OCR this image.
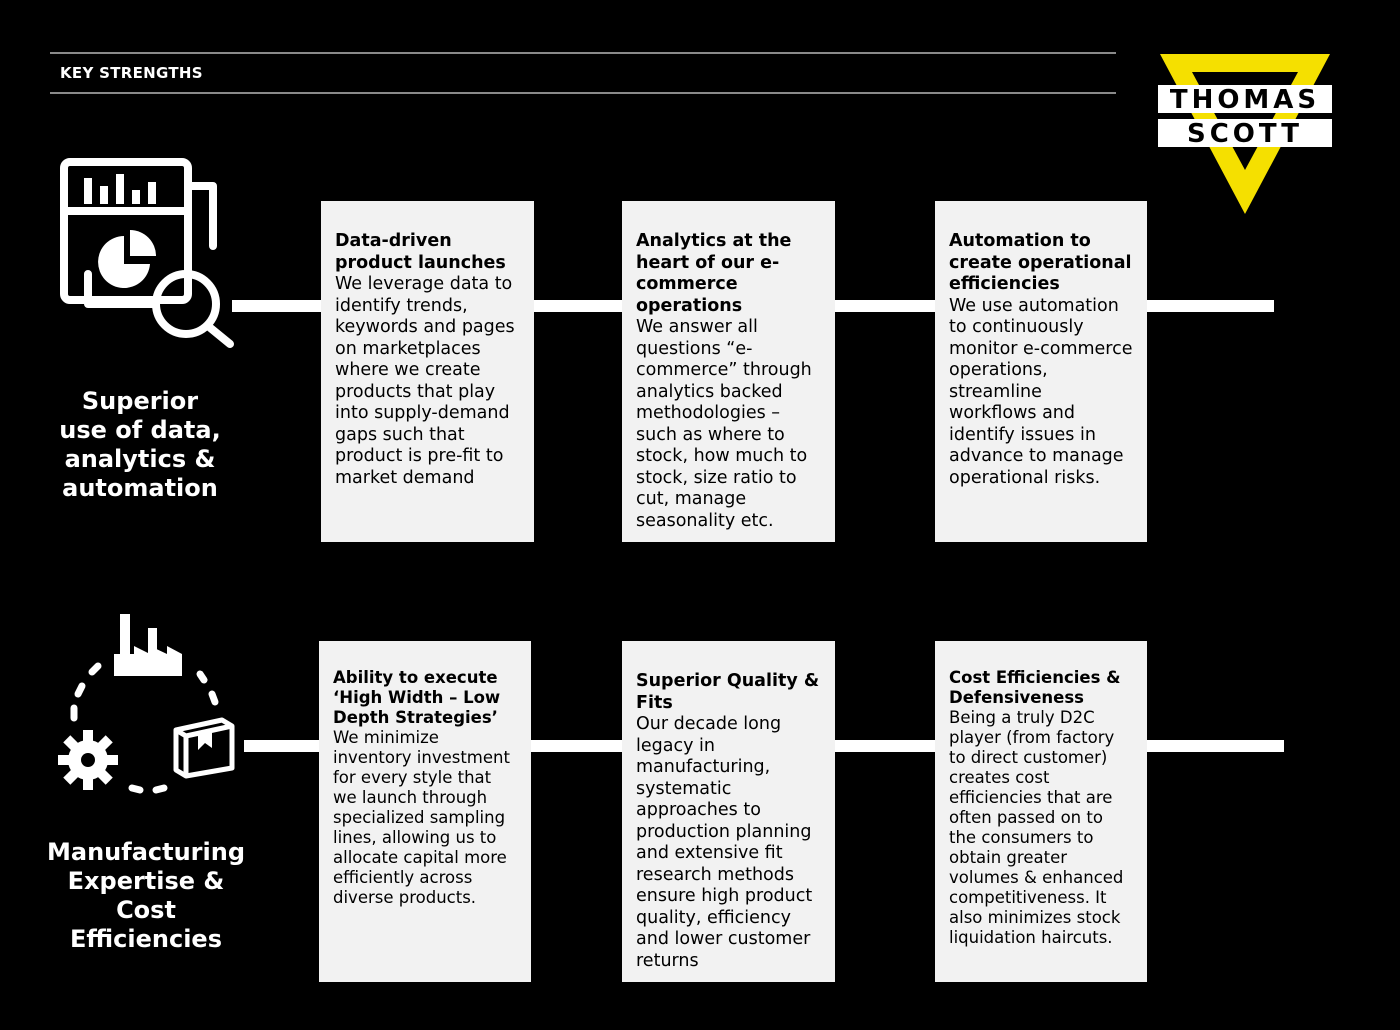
KEY STRENGTHS
THOMAS
SCOTT
Superior
use of data,
analytics &
automation
Data-driven product launches
We leverage data to identify trends, keywords and pages on marketplaces where we create products that play into supply-demand gaps such that product is pre-fit to market demand
Analytics at the heart of our e-commerce operations
We answer all questions “e-commerce” through analytics backed methodologies – such as where to stock, how much to stock, size ratio to cut, manage seasonality etc.
Automation to create operational efficiencies
We use automation to continuously monitor e-commerce operations, streamline workflows and identify issues in advance to manage operational risks.
Manufacturing
Expertise &
Cost
Efficiencies
Ability to execute ‘High Width – Low Depth Strategies’
We minimize inventory investment for every style that we launch through specialized sampling lines, allowing us to allocate capital more efficiently across diverse products.
Superior Quality & Fits
Our decade long legacy in manufacturing, systematic approaches to production planning and extensive fit research methods ensure high product quality, efficiency and lower customer returns
Cost Efficiencies & Defensiveness
Being a truly D2C player (from factory to direct customer) creates cost efficiencies that are often passed on to the consumers to obtain greater volumes & enhanced competitiveness. It also minimizes stock liquidation haircuts.
